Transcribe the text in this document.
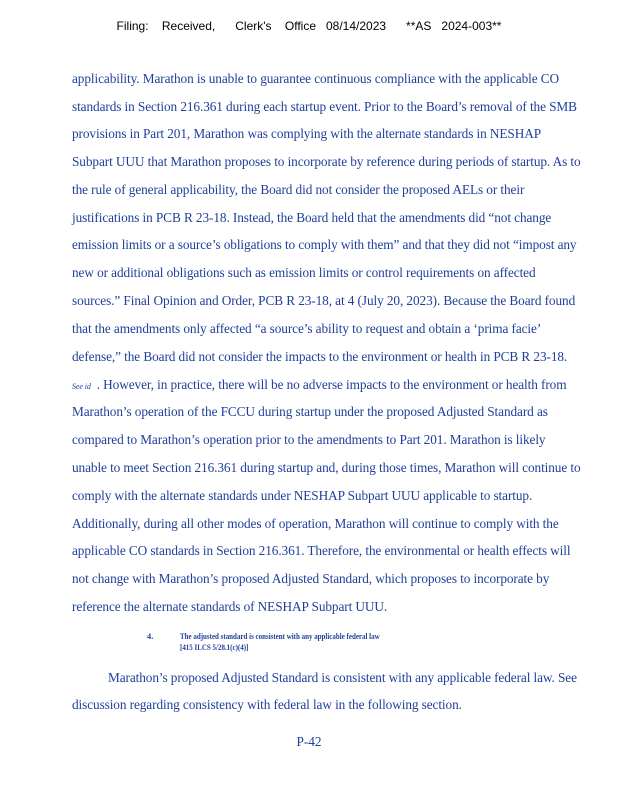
Filing:    Received,      Clerk's    Office   08/14/2023      **AS   2024-003**
applicability. Marathon is unable to guarantee continuous compliance with the applicable CO
standards in Section 216.361 during each startup event. Prior to the Board’s removal of the SMB
provisions in Part 201, Marathon was complying with the alternate standards in NESHAP
Subpart UUU that Marathon proposes to incorporate by reference during periods of startup. As to
the rule of general applicability, the Board did not consider the proposed AELs or their
justifications in PCB R 23-18. Instead, the Board held that the amendments did “not change
emission limits or a source’s obligations to comply with them” and that they did not “impost any
new or additional obligations such as emission limits or control requirements on affected
sources.” Final Opinion and Order, PCB R 23-18, at 4 (July 20, 2023). Because the Board found
that the amendments only affected “a source’s ability to request and obtain a ‘prima facie’
defense,” the Board did not consider the impacts to the environment or health in PCB R 23-18.
See id . However, in practice, there will be no adverse impacts to the environment or health from
Marathon’s operation of the FCCU during startup under the proposed Adjusted Standard as
compared to Marathon’s operation prior to the amendments to Part 201. Marathon is likely
unable to meet Section 216.361 during startup and, during those times, Marathon will continue to
comply with the alternate standards under NESHAP Subpart UUU applicable to startup.
Additionally, during all other modes of operation, Marathon will continue to comply with the
applicable CO standards in Section 216.361. Therefore, the environmental or health effects will
not change with Marathon’s proposed Adjusted Standard, which proposes to incorporate by
reference the alternate standards of NESHAP Subpart UUU.
4.	The adjusted standard is consistent with any applicable federal law
[415 ILCS 5/28.1(c)(4)]
Marathon’s proposed Adjusted Standard is consistent with any applicable federal law. See
discussion regarding consistency with federal law in the following section.
P-42
